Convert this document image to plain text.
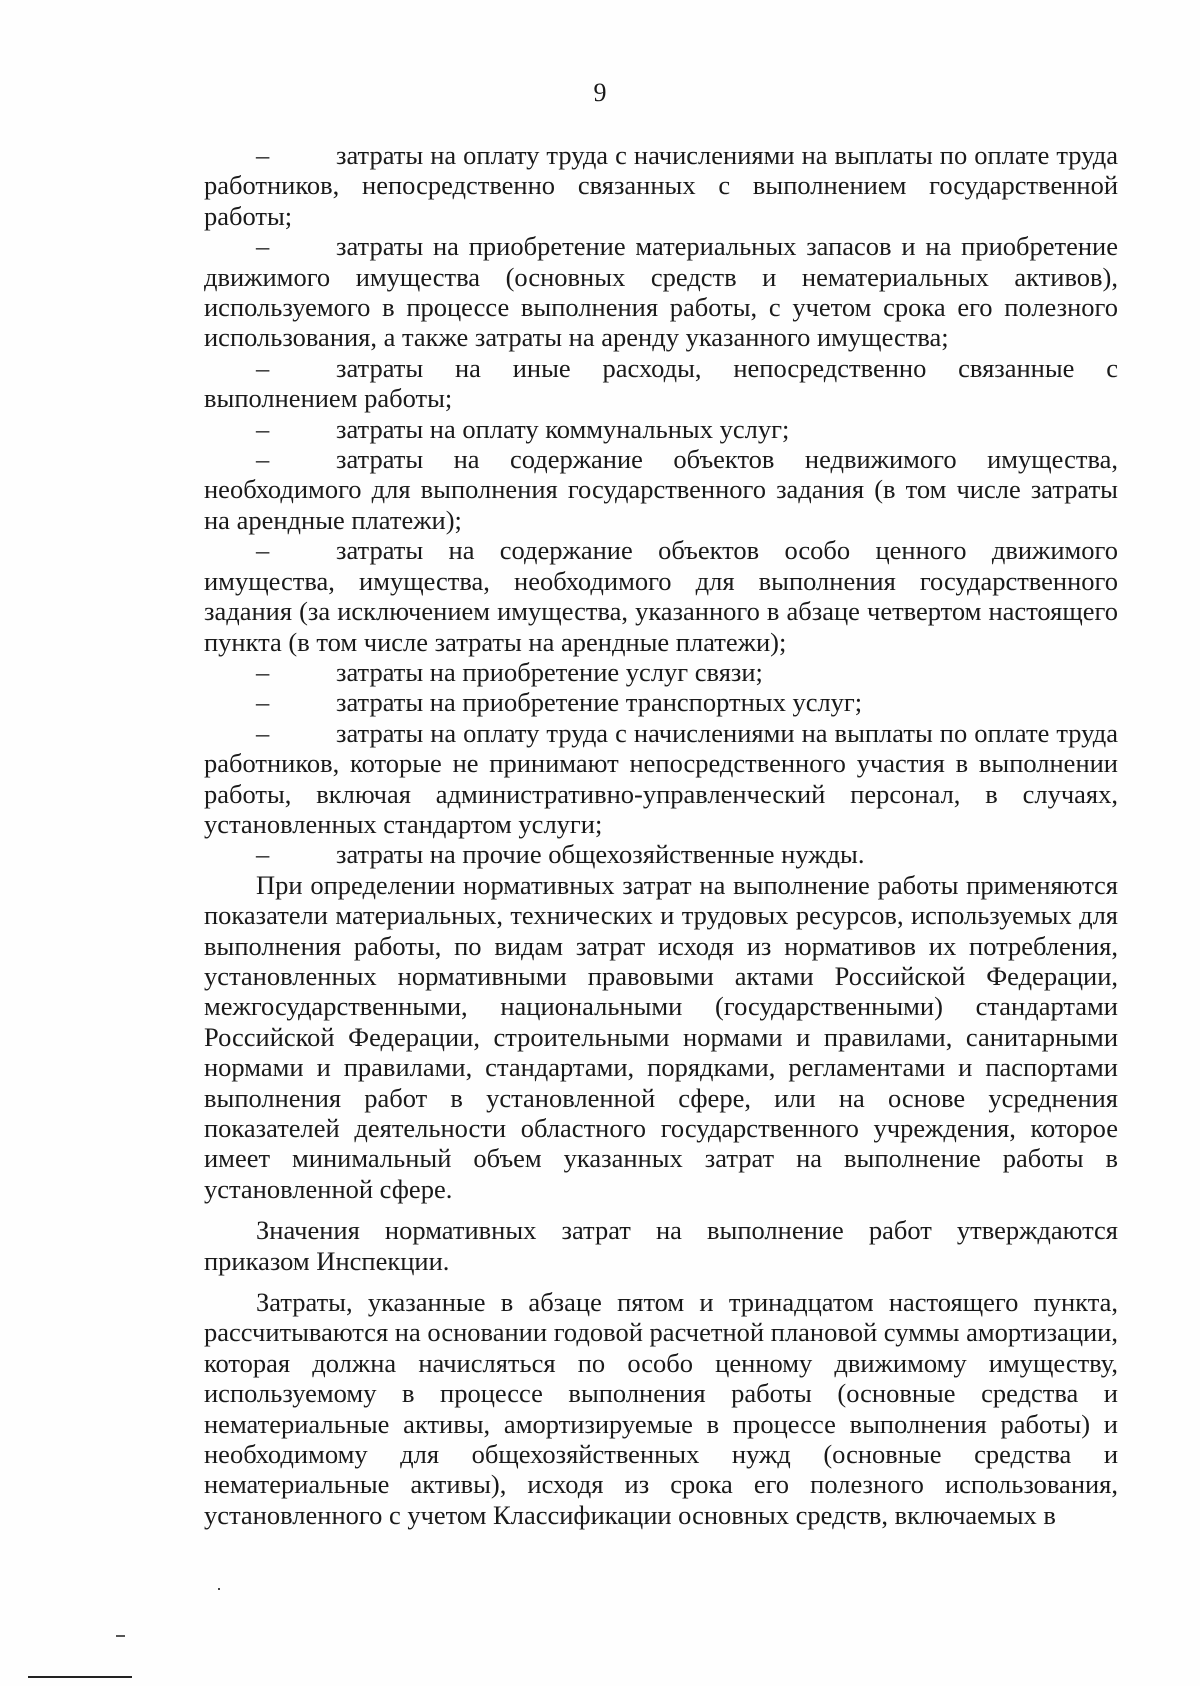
9

–	затраты на оплату труда с начислениями на выплаты по оплате труда работников, непосредственно связанных с выполнением государственной работы;

–	затраты на приобретение материальных запасов и на приобретение движимого имущества (основных средств и нематериальных активов), используемого в процессе выполнения работы, с учетом срока его полезного использования, а также затраты на аренду указанного имущества;

–	затраты на иные расходы, непосредственно связанные с выполнением работы;

–	затраты на оплату коммунальных услуг;

–	затраты на содержание объектов недвижимого имущества, необходимого для выполнения государственного задания (в том числе затраты на арендные платежи);

–	затраты на содержание объектов особо ценного движимого имущества, имущества, необходимого для выполнения государственного задания (за исключением имущества, указанного в абзаце четвертом настоящего пункта (в том числе затраты на арендные платежи);

–	затраты на приобретение услуг связи;

–	затраты на приобретение транспортных услуг;

–	затраты на оплату труда с начислениями на выплаты по оплате труда работников, которые не принимают непосредственного участия в выполнении работы, включая административно-управленческий персонал, в случаях, установленных стандартом услуги;

–	затраты на прочие общехозяйственные нужды.

При определении нормативных затрат на выполнение работы применяются показатели материальных, технических и трудовых ресурсов, используемых для выполнения работы, по видам затрат исходя из нормативов их потребления, установленных нормативными правовыми актами Российской Федерации, межгосударственными, национальными (государственными) стандартами Российской Федерации, строительными нормами и правилами, санитарными нормами и правилами, стандартами, порядками, регламентами и паспортами выполнения работ в установленной сфере, или на основе усреднения показателей деятельности областного государственного учреждения, которое имеет минимальный объем указанных затрат на выполнение работы в установленной сфере.

Значения нормативных затрат на выполнение работ утверждаются приказом Инспекции.

Затраты, указанные в абзаце пятом и тринадцатом настоящего пункта, рассчитываются на основании годовой расчетной плановой суммы амортизации, которая должна начисляться по особо ценному движимому имуществу, используемому в процессе выполнения работы (основные средства и нематериальные активы, амортизируемые в процессе выполнения работы) и необходимому для общехозяйственных нужд (основные средства и нематериальные активы), исходя из срока его полезного использования, установленного с учетом Классификации основных средств, включаемых в
